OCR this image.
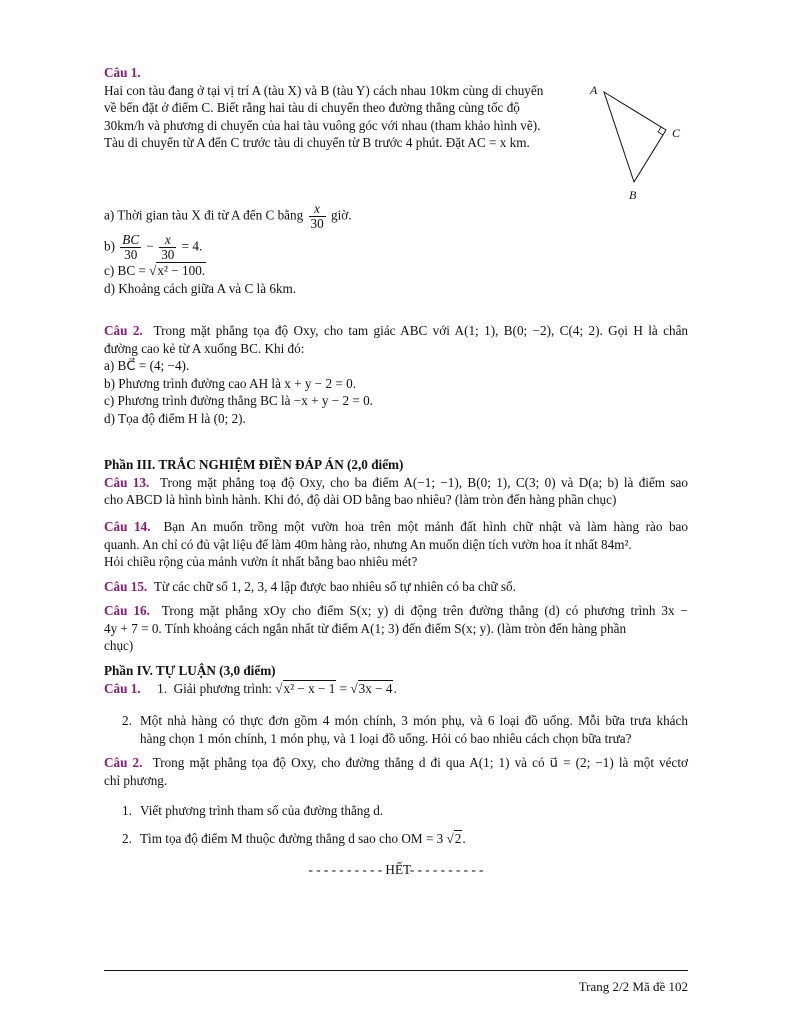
Câu 1.
Hai con tàu đang ở tại vị trí A (tàu X) và B (tàu Y) cách nhau 10km cùng di chuyển
về bến đặt ở điểm C. Biết rằng hai tàu di chuyển theo đường thẳng cùng tốc độ
30km/h và phương di chuyển của hai tàu vuông góc với nhau (tham khảo hình vẽ).
Tàu di chuyển từ A đến C trước tàu di chuyển từ B trước 4 phút. Đặt AC = x km.
a) Thời gian tàu X đi từ A đến C bằng $\frac{x}{30}$ giờ.
$b) \frac{BC}{30} - \frac{x}{30} = 4$.
c) BC = √x² − 100.
d) Khoảng cách giữa A và C là 6km.
Câu 2. Trong mặt phẳng tọa độ Oxy, cho tam giác ABC với A(1; 1), B(0; −2), C(4; 2). Gọi H là chân
đường cao kẻ từ A xuống BC. Khi đó:
a) BC⃗ = (4; −4).
b) Phương trình đường cao AH là x + y − 2 = 0.
c) Phương trình đường thẳng BC là −x + y − 2 = 0.
d) Tọa độ điểm H là (0; 2).
Phần III. TRẮC NGHIỆM ĐIỀN ĐÁP ÁN (2,0 điểm)
Câu 13. Trong mặt phẳng toạ độ Oxy, cho ba điểm A(−1; −1), B(0; 1), C(3; 0) và D(a; b) là điểm sao
cho ABCD là hình bình hành. Khi đó, độ dài OD bằng bao nhiêu? (làm tròn đến hàng phần chục)
Câu 14. Bạn An muốn trồng một vườn hoa trên một mảnh đất hình chữ nhật và làm hàng rào bao
quanh. An chỉ có đủ vật liệu để làm 40m hàng rào, nhưng An muốn diện tích vườn hoa ít nhất 84m².
Hỏi chiều rộng của mảnh vườn ít nhất bằng bao nhiêu mét?
Câu 15. Từ các chữ số 1, 2, 3, 4 lập được bao nhiêu số tự nhiên có ba chữ số.
Câu 16. Trong mặt phẳng xOy cho điểm S(x; y) di động trên đường thẳng (d) có phương trình 3x −
4y + 7 = 0. Tính khoảng cách ngắn nhất từ điểm A(1; 3) đến điểm S(x; y). (làm tròn đến hàng phần
chục)
Phần IV. TỰ LUẬN (3,0 điểm)
Câu 1. 1. Giải phương trình: √x² − x − 1 = √3x − 4.
2. Một nhà hàng có thực đơn gồm 4 món chính, 3 món phụ, và 6 loại đồ uống. Mỗi bữa trưa khách
hàng chọn 1 món chính, 1 món phụ, và 1 loại đồ uống. Hỏi có bao nhiêu cách chọn bữa trưa?
Câu 2. Trong mặt phẳng tọa độ Oxy, cho đường thẳng d đi qua A(1; 1) và có u⃗ = (2; −1) là một véctơ
chỉ phương.
1. Viết phương trình tham số của đường thẳng d.
2. Tìm tọa độ điểm M thuộc đường thẳng d sao cho OM = 3 √2.
- - - - - - - - - - HẾT- - - - - - - - - -
A
C
B
Trang 2/2 Mã đề 102
